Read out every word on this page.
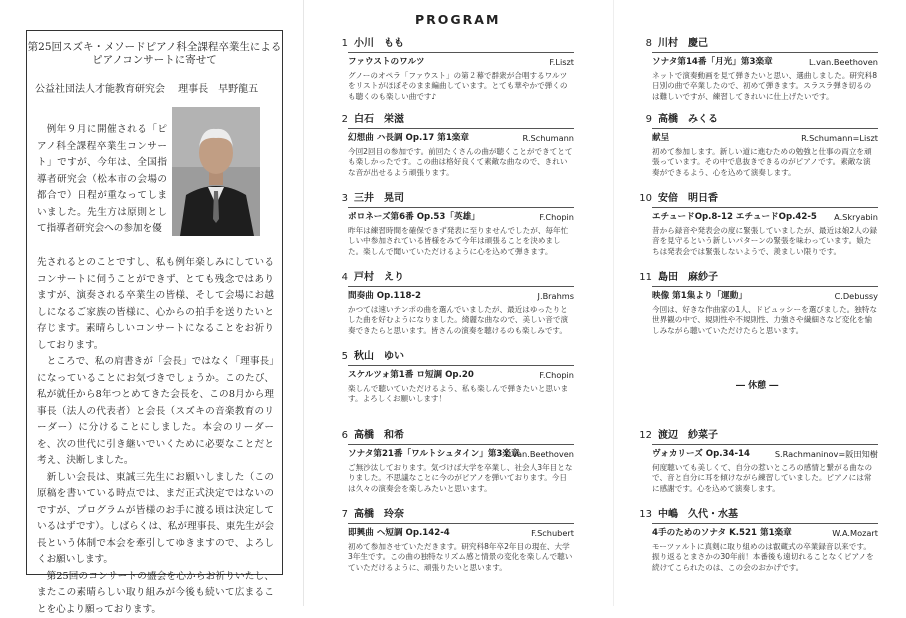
第25回スズキ・メソードピアノ科全課程卒業生による
ピアノコンサートに寄せて
公益社団法人才能教育研究会　 理事長　早野龍五

例年９月に開催される「ピアノ科全課程卒業生コンサート」ですが、今年は、全国指導者研究会（松本市の会場の都合で）日程が重なってしまいました。先生方は原則として指導者研究会への参加を優

先されるとのことですし、私も例年楽しみにしているコンサートに伺うことができず、とても残念ではありますが、演奏される卒業生の皆様、そして会場にお越しになるご家族の皆様に、心からの拍手を送りたいと存じます。素晴らしいコンサートになることをお祈りしております。

ところで、私の肩書きが「会長」ではなく「理事長」になっていることにお気づきでしょうか。このたび、私が就任から8年つとめてきた会長を、この8月から理事長（法人の代表者）と会長（スズキの音楽教育のリーダー）に分けることにしました。本会のリーダーを、次の世代に引き継いでいくために必要なことだと考え、決断しました。

新しい会長は、東誠三先生にお願いしました（この原稿を書いている時点では、まだ正式決定ではないのですが、プログラムが皆様のお手に渡る頃は決定しているはずです）。しばらくは、私が理事長、東先生が会長という体制で本会を牽引してゆきますので、よろしくお願いします。

第25回のコンサートの盛会を心からお祈りいたし、またこの素晴らしい取り組みが今後も続いて広まることを心より願っております。

PROGRAM
1 小川　もも
ファウストのワルツ	F.Liszt
グノーのオペラ「ファウスト」の第２幕で群衆が合唱するワルツをリストがほぼそのまま編曲しています。とても華やかで弾くのも聴くのも楽しい曲です♪
2 白石　栄滋
幻想曲 ハ長調 Op.17 第1楽章	R.Schumann
今回2回目の参加です。前回たくさんの曲が聴くことができてとても楽しかったです。この曲は格好良くて素敵な曲なので、きれいな音が出せるよう頑張ります。
3 三井　晃司
ポロネーズ第6番 Op.53「英雄」	F.Chopin
昨年は練習時間を確保できず発表に至りませんでしたが、毎年忙しい中参加されている皆様をみて今年は頑張ることを決めました。楽しんで聞いていただけるように心を込めて弾きます。
4 戸村　えり
間奏曲 Op.118-2	J.Brahms
かつては速いテンポの曲を選んでいましたが、最近はゆったりとした曲を好むようになりました。綺麗な曲なので、美しい音で演奏できたらと思います。皆さんの演奏を聴けるのも楽しみです。
5 秋山　ゆい
スケルツォ第1番 ロ短調 Op.20	F.Chopin
楽しんで聴いていただけるよう、私も楽しんで弾きたいと思います。よろしくお願いします！
6 高橋　和希
ソナタ第21番「ワルトシュタイン」第3楽章
L.van.Beethoven
ご無沙汰しております。気づけば大学を卒業し、社会人3年目となりました。不思議なことに今のがピアノを弾いております。今日は久々の演奏会を楽しみたいと思います。
7 高橋　玲奈
即興曲 ヘ短調 Op.142-4	F.Schubert
初めて参加させていただきます。研究科8年卒2年目の現在、大学3年生です。この曲の独特なリズム感と情景の変化を楽しんで聴いていただけるように、頑張りたいと思います。
8 川村　慶己
ソナタ第14番「月光」第3楽章	L.van.Beethoven
ネットで演奏動画を見て弾きたいと思い、選曲しました。研究科8日別の曲で卒業したので、初めて弾きます。スラスラ弾き切るのは難しいですが、練習してきれいに仕上げたいです。
9 高橋　みくる
献呈	R.Schumann=Liszt
初めて参加します。新しい道に進むための勉強と仕事の両立を頑張っています。その中で息抜きできるのがピアノです。素敵な演奏ができるよう、心を込めて演奏します。
10 安倍　明日香
エチュードOp.8-12 エチュードOp.42-5 A.Skryabin
昔から録音や発表会の度に緊張していましたが、最近は娘2人の録音を見守るという新しいパターンの緊張を味わっています。娘たちは発表会では緊張しないようで、羨ましい限りです。
11 島田　麻紗子
映像 第1集より「運動」	C.Debussy
今回は、好きな作曲家の1人、ドビュッシーを選びました。独特な世界観の中で、規則性や不規則性、力強さや繊細さなど変化を愉しみながら聴いていただけたらと思います。
― 休憩 ―
12 渡辺　紗菜子
ヴォカリーズ Op.34-14	S.Rachmaninov=阪田知樹
何度聴いても美しくて、自分の惹いところの感情と繋がる曲なので、音と自分に耳を傾けながら練習していました。ピアノには常に感謝です。心を込めて演奏します。
13 中嶋　久代・水基
4手のためのソナタ K.521 第1楽章	W.A.Mozart
モーツァルトに真剣に取り組めのは叡蔵式の卒業録音以来です。振り返るとまさかの30年前！本番後も遠切れることなくピアノを続けてこられたのは、この会のおかげです。
